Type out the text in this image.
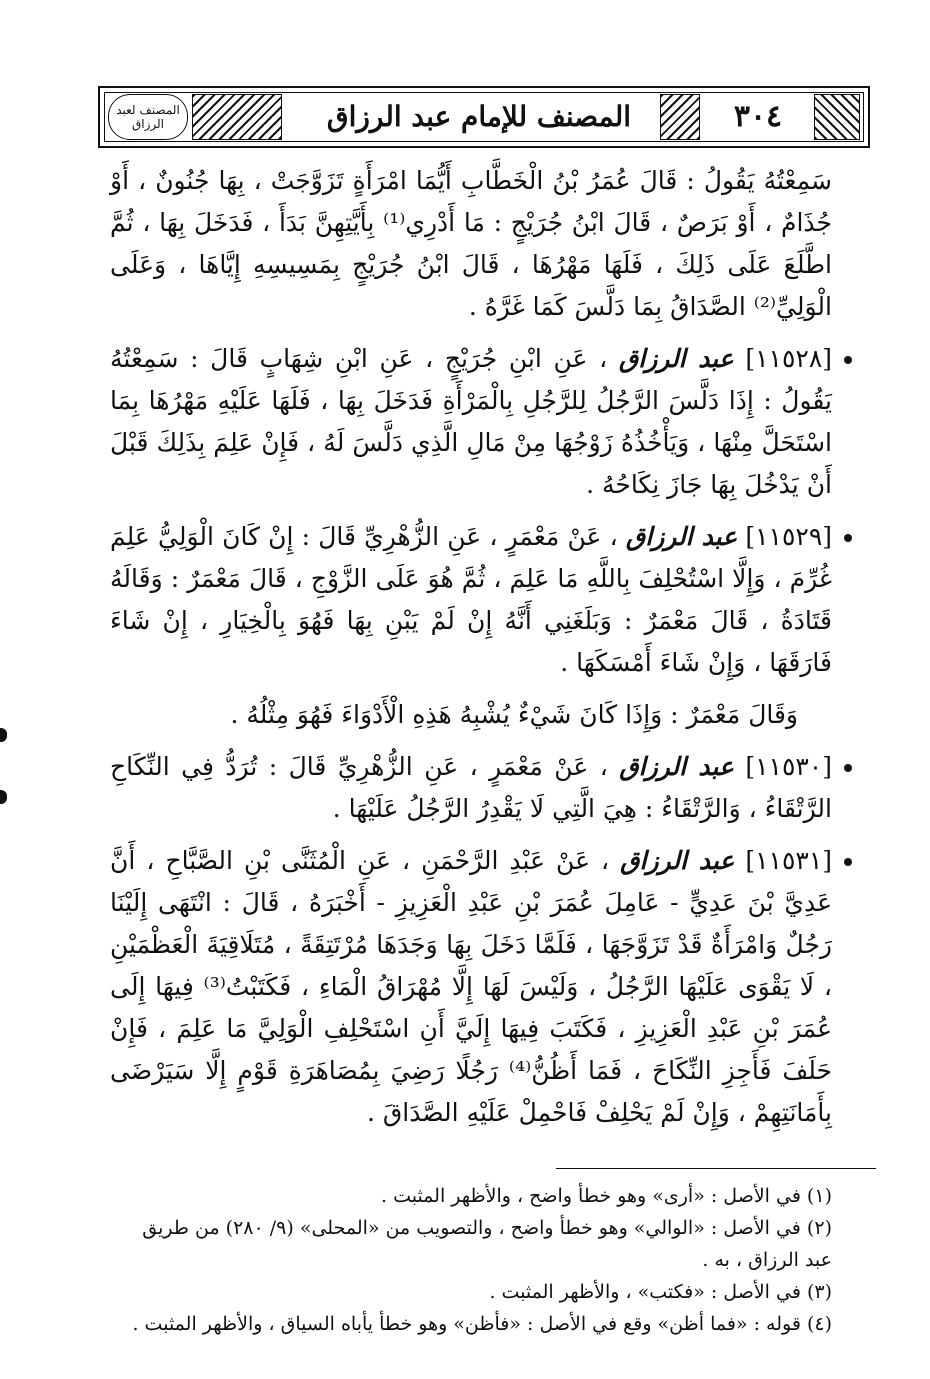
المصنف لعبد الرزاق	المصنف للإمام عبد الرزاق	٣٠٤

سَمِعْتُهُ يَقُولُ : قَالَ عُمَرُ بْنُ الْخَطَّابِ أَيُّمَا امْرَأَةٍ تَزَوَّجَتْ ، بِهَا جُنُونٌ ، أَوْ جُذَامٌ ، أَوْ بَرَصٌ ، قَالَ ابْنُ جُرَيْجٍ : مَا أَدْرِي⁽¹⁾ بِأَيَّتِهِنَّ بَدَأَ ، فَدَخَلَ بِهَا ، ثُمَّ اطَّلَعَ عَلَى ذَلِكَ ، فَلَهَا مَهْرُهَا ، قَالَ ابْنُ جُرَيْجٍ بِمَسِيسِهِ إِيَّاهَا ، وَعَلَى الْوَلِيِّ⁽²⁾ الصَّدَاقُ بِمَا دَلَّسَ كَمَا غَرَّهُ .

[١١٥٢٨] عبد الرزاق ، عَنِ ابْنِ جُرَيْجٍ ، عَنِ ابْنِ شِهَابٍ قَالَ : سَمِعْتُهُ يَقُولُ : إِذَا دَلَّسَ الرَّجُلُ لِلرَّجُلِ بِالْمَرْأَةِ فَدَخَلَ بِهَا ، فَلَهَا عَلَيْهِ مَهْرُهَا بِمَا اسْتَحَلَّ مِنْهَا ، وَيَأْخُذُهُ زَوْجُهَا مِنْ مَالِ الَّذِي دَلَّسَ لَهُ ، فَإِنْ عَلِمَ بِذَلِكَ قَبْلَ أَنْ يَدْخُلَ بِهَا جَازَ نِكَاحُهُ .

[١١٥٢٩] عبد الرزاق ، عَنْ مَعْمَرٍ ، عَنِ الزُّهْرِيِّ قَالَ : إِنْ كَانَ الْوَلِيُّ عَلِمَ غُرِّمَ ، وَإِلَّا اسْتُحْلِفَ بِاللَّهِ مَا عَلِمَ ، ثُمَّ هُوَ عَلَى الزَّوْجِ ، قَالَ مَعْمَرٌ : وَقَالَهُ قَتَادَةُ ، قَالَ مَعْمَرٌ : وَبَلَغَنِي أَنَّهُ إِنْ لَمْ يَبْنِ بِهَا فَهُوَ بِالْخِيَارِ ، إِنْ شَاءَ فَارَقَهَا ، وَإِنْ شَاءَ أَمْسَكَهَا .

وَقَالَ مَعْمَرٌ : وَإِذَا كَانَ شَيْءٌ يُشْبِهُ هَذِهِ الْأَدْوَاءَ فَهُوَ مِثْلُهُ .

[١١٥٣٠] عبد الرزاق ، عَنْ مَعْمَرٍ ، عَنِ الزُّهْرِيِّ قَالَ : تُرَدُّ فِي النِّكَاحِ الرَّتْقَاءُ ، وَالرَّتْقَاءُ : هِيَ الَّتِي لَا يَقْدِرُ الرَّجُلُ عَلَيْهَا .

[١١٥٣١] عبد الرزاق ، عَنْ عَبْدِ الرَّحْمَنِ ، عَنِ الْمُثَنَّى بْنِ الصَّبَّاحِ ، أَنَّ عَدِيَّ بْنَ عَدِيٍّ - عَامِلَ عُمَرَ بْنِ عَبْدِ الْعَزِيزِ - أَخْبَرَهُ ، قَالَ : انْتَهَى إِلَيْنَا رَجُلٌ وَامْرَأَةٌ قَدْ تَزَوَّجَهَا ، فَلَمَّا دَخَلَ بِهَا وَجَدَهَا مُرْتَتِقَةً ، مُتَلَاقِيَةَ الْعَظْمَيْنِ ، لَا يَقْوَى عَلَيْهَا الرَّجُلُ ، وَلَيْسَ لَهَا إِلَّا مُهْرَاقُ الْمَاءِ ، فَكَتَبْتُ⁽³⁾ فِيهَا إِلَى عُمَرَ بْنِ عَبْدِ الْعَزِيزِ ، فَكَتَبَ فِيهَا إِلَيَّ أَنِ اسْتَحْلِفِ الْوَلِيَّ مَا عَلِمَ ، فَإِنْ حَلَفَ فَأَجِزِ النِّكَاحَ ، فَمَا أَظُنُّ⁽⁴⁾ رَجُلًا رَضِيَ بِمُصَاهَرَةِ قَوْمٍ إِلَّا سَيَرْضَى بِأَمَانَتِهِمْ ، وَإِنْ لَمْ يَحْلِفْ فَاحْمِلْ عَلَيْهِ الصَّدَاقَ .

(١) في الأصل : «أرى» وهو خطأ واضح ، والأظهر المثبت .

(٢) في الأصل : «الوالي» وهو خطأ واضح ، والتصويب من «المحلى» (٩/ ٢٨٠) من طريق عبد الرزاق ، به .

(٣) في الأصل : «فكتب» ، والأظهر المثبت .

(٤) قوله : «فما أظن» وقع في الأصل : «فأظن» وهو خطأ يأباه السياق ، والأظهر المثبت .
